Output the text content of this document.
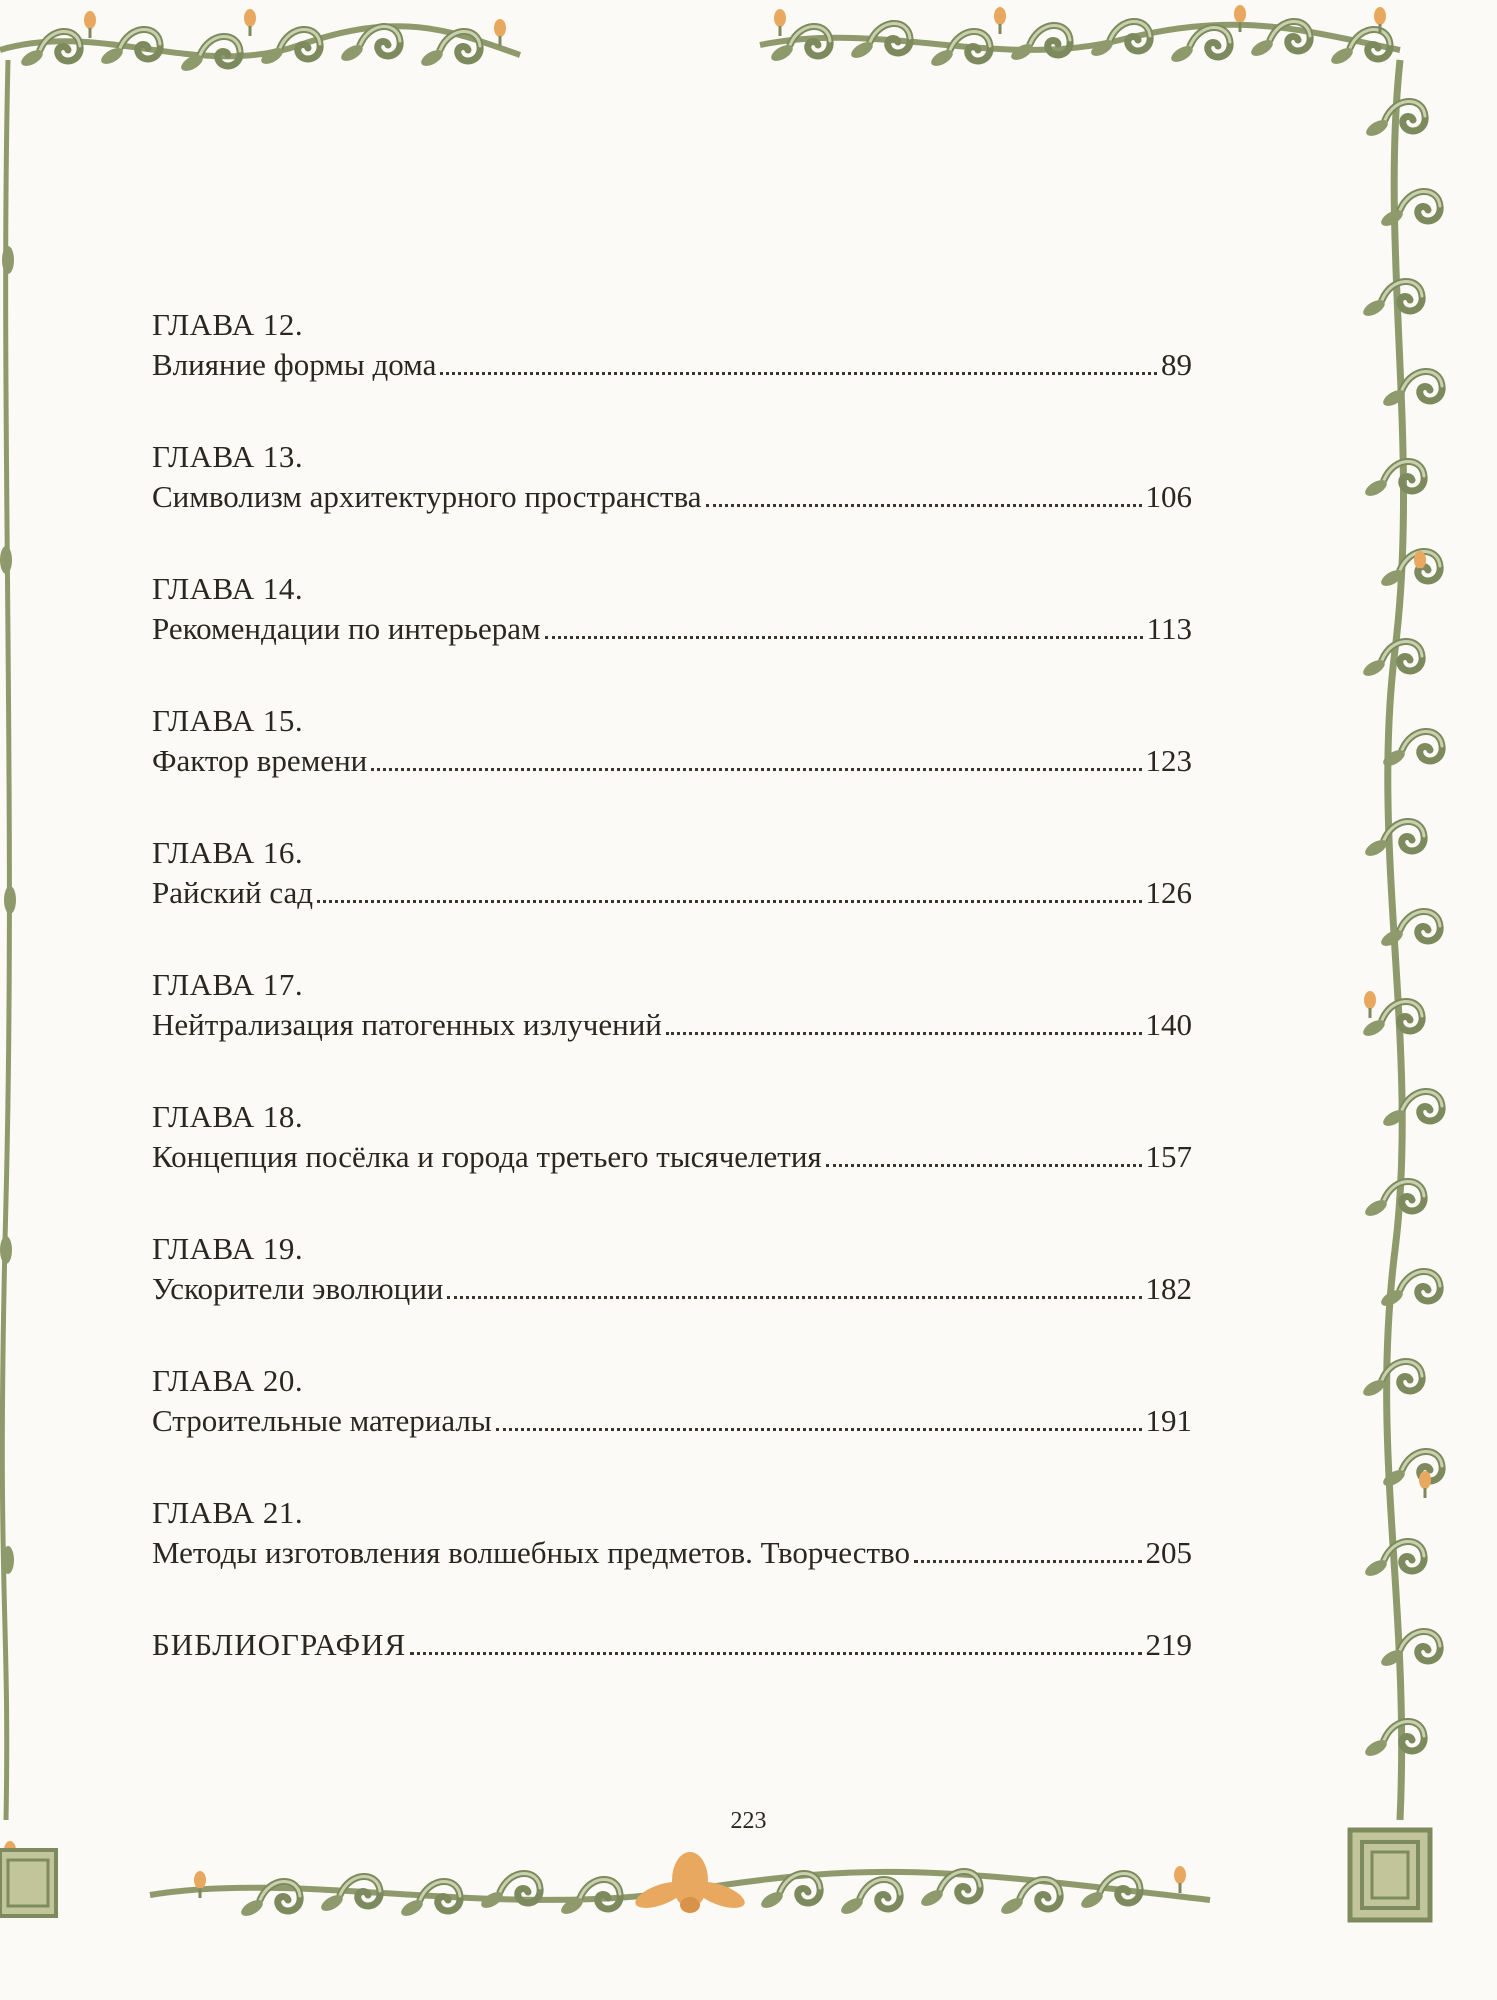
ГЛАВА 12.
Влияние формы дома	89
ГЛАВА 13.
Символизм архитектурного пространства	106
ГЛАВА 14.
Рекомендации по интерьерам	113
ГЛАВА 15.
Фактор времени	123
ГЛАВА 16.
Райский сад	126
ГЛАВА 17.
Нейтрализация патогенных излучений	140
ГЛАВА 18.
Концепция посёлка и города третьего тысячелетия	157
ГЛАВА 19.
Ускорители эволюции	182
ГЛАВА 20.
Строительные материалы	191
ГЛАВА 21.
Методы изготовления волшебных предметов. Творчество	205
БИБЛИОГРАФИЯ	219
223
